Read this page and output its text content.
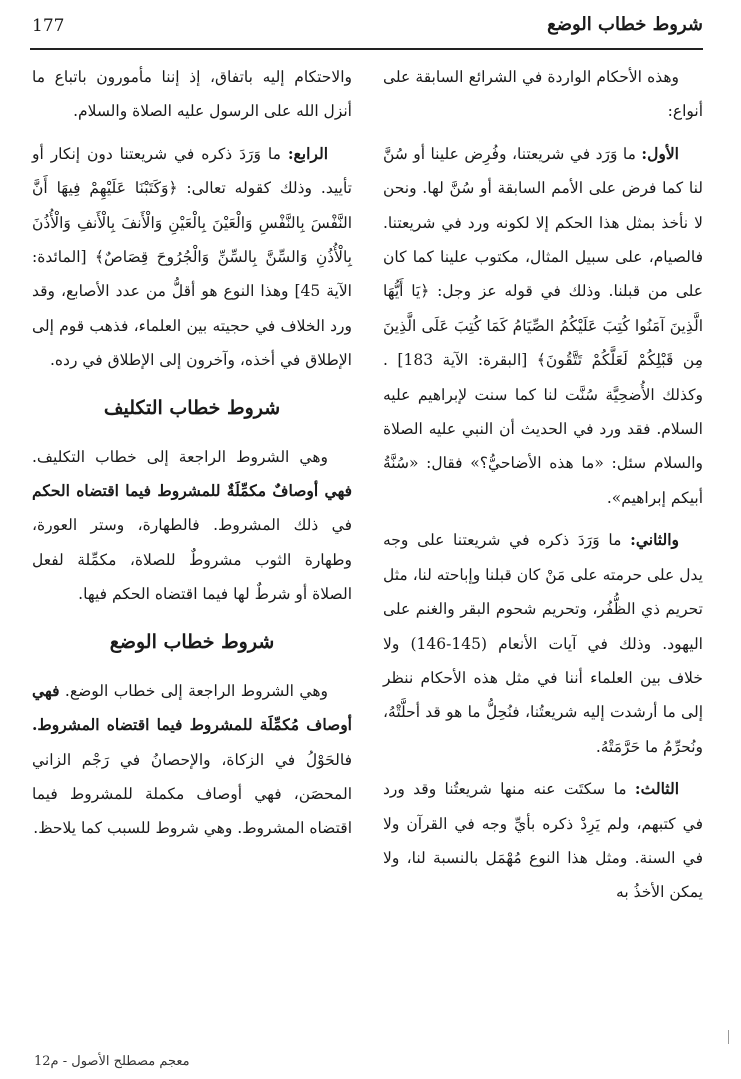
177	شروط خطاب الوضع

وهذه الأحكام الواردة في الشرائع السابقة على أنواع:

الأول: ما وَرَد في شريعتنا، وفُرِض علينا أو سُنَّ لنا كما فرض على الأمم السابقة أو سُنَّ لها. ونحن لا نأخذ بمثل هذا الحكم إلا لكونه ورد في شريعتنا. فالصيام، على سبيل المثال، مكتوب علينا كما كان على من قبلنا. وذلك في قوله عز وجل: ﴿يَا أَيُّهَا الَّذِينَ آمَنُوا كُتِبَ عَلَيْكُمُ الصِّيَامُ كَمَا كُتِبَ عَلَى الَّذِينَ مِن قَبْلِكُمْ لَعَلَّكُمْ تَتَّقُونَ﴾ [البقرة: الآية 183] . وكذلك الأُضحِيَّة سُنَّت لنا كما سنت لإبراهيم عليه السلام. فقد ورد في الحديث أن النبي عليه الصلاة والسلام سئل: «ما هذه الأضاحيُّ؟» فقال: «سُنَّةُ أبيكم إبراهيم».

والثاني: ما وَرَدَ ذكره في شريعتنا على وجه يدل على حرمته على مَنْ كان قبلنا وإباحته لنا، مثل تحريم ذي الظُّفُر، وتحريم شحوم البقر والغنم على اليهود. وذلك في آيات الأنعام (145-146) ولا خلاف بين العلماء أننا في مثل هذه الأحكام ننظر إلى ما أرشدت إليه شريعتُنا، فنُحِلُّ ما هو قد أحلَّتْهُ، ونُحرِّمُ ما حَرَّمَتْهُ.

الثالث: ما سكتَت عنه منها شريعتُنا وقد ورد في كتبهم، ولم يَرِدْ ذكره بأيِّ وجه في القرآن ولا في السنة. ومثل هذا النوع مُهْمَل بالنسبة لنا، ولا يمكن الأخذُ به

والاحتكام إليه باتفاق، إذ إننا مأمورون باتباع ما أنزل الله على الرسول عليه الصلاة والسلام.

الرابع: ما وَرَدَ ذكره في شريعتنا دون إنكار أو تأييد. وذلك كقوله تعالى: ﴿وَكَتَبْنَا عَلَيْهِمْ فِيهَا أَنَّ النَّفْسَ بِالنَّفْسِ وَالْعَيْنَ بِالْعَيْنِ وَالْأَنفَ بِالْأَنفِ وَالْأُذُنَ بِالْأُذُنِ وَالسِّنَّ بِالسِّنِّ وَالْجُرُوحَ قِصَاصٌ﴾ [المائدة: الآية 45] وهذا النوع هو أقلُّ من عدد الأصابع، وقد ورد الخلاف في حجيته بين العلماء، فذهب قوم إلى الإطلاق في أخذه، وآخرون إلى الإطلاق في رده.

شروط خطاب التكليف

وهي الشروط الراجعة إلى خطاب التكليف. فهي أوصافٌ مكمِّلَةٌ للمشروط فيما اقتضاه الحكم في ذلك المشروط. فالطهارة، وستر العورة، وطهارة الثوب مشروطٌ للصلاة، مكمِّلة لفعل الصلاة أو شرطٌ لها فيما اقتضاه الحكم فيها.

شروط خطاب الوضع

وهي الشروط الراجعة إلى خطاب الوضع. فهي أوصاف مُكمِّلَة للمشروط فيما اقتضاه المشروط. فالحَوْلُ في الزكاة، والإحصانُ في رَجْم الزاني المحصَن، فهي أوصاف مكملة للمشروط فيما اقتضاه المشروط. وهي شروط للسبب كما يلاحظ.

معجم مصطلح الأصول - م12
